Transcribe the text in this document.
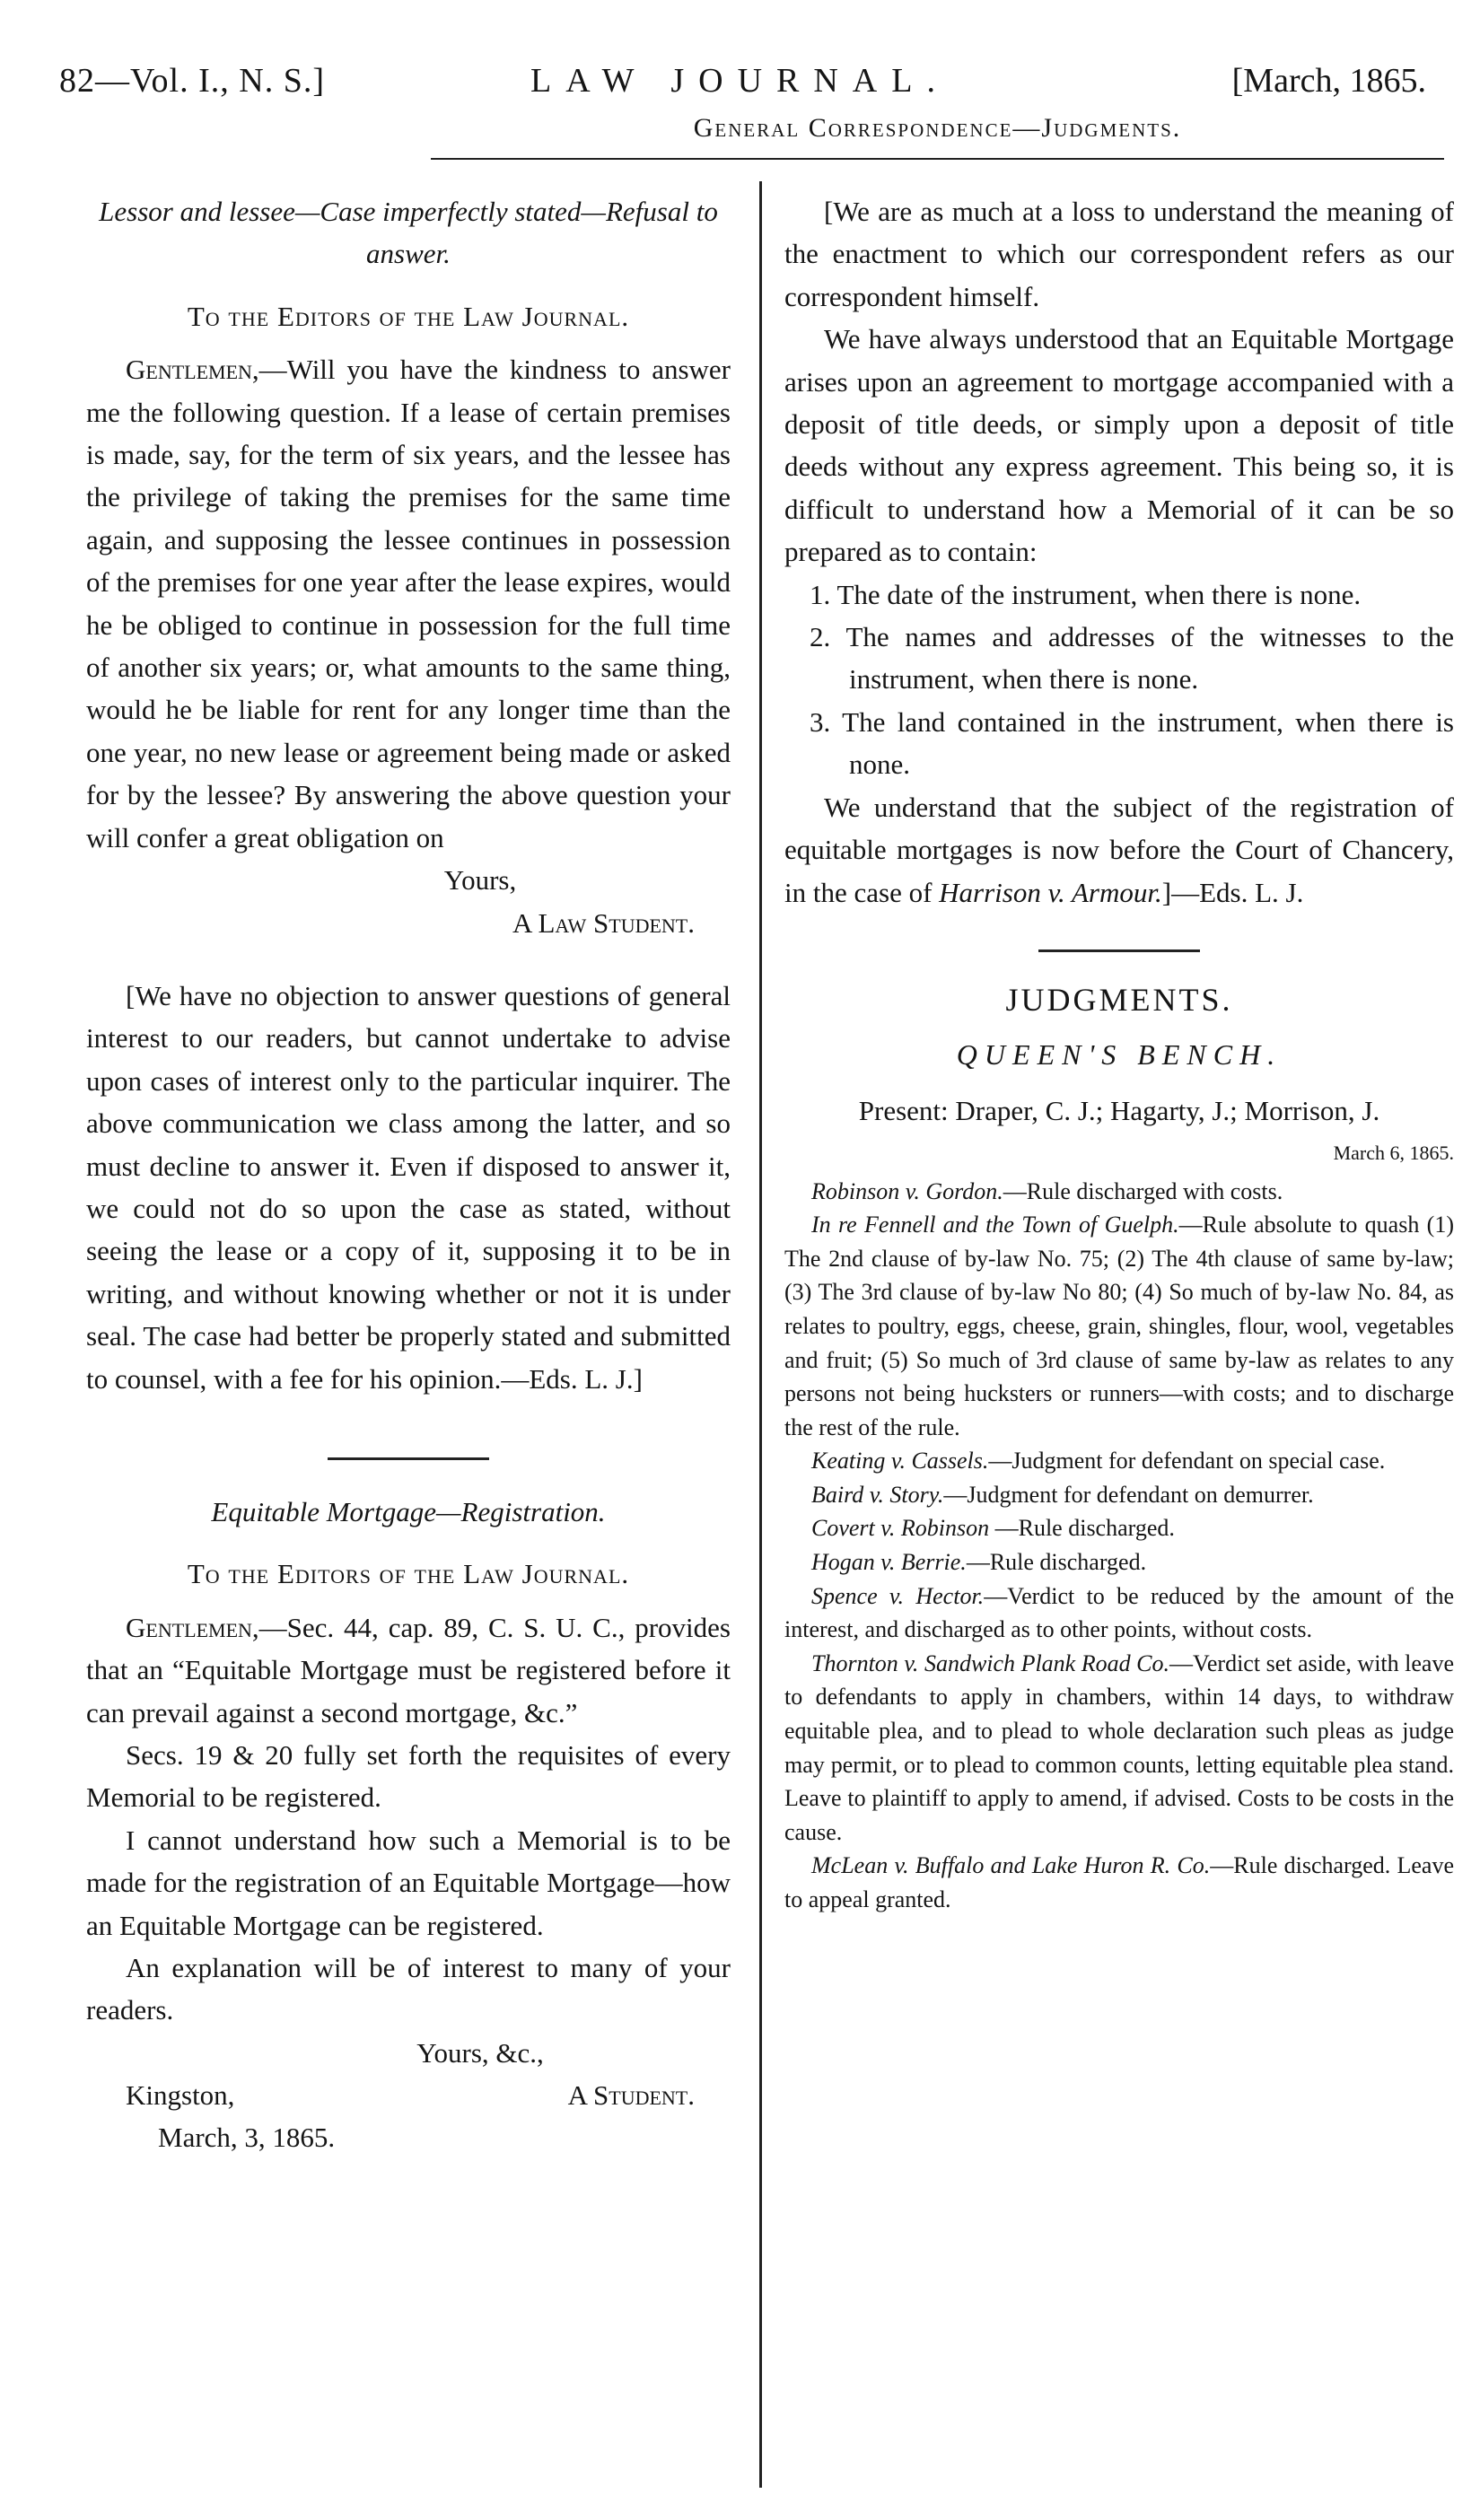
82—Vol. I., N. S.]	LAW JOURNAL.	[March, 1865.
General Correspondence—Judgments.

Lessor and lessee—Case imperfectly stated—Refusal to answer.

To the Editors of the Law Journal.

Gentlemen,—Will you have the kindness to answer me the following question. If a lease of certain premises is made, say, for the term of six years, and the lessee has the privilege of taking the premises for the same time again, and supposing the lessee continues in possession of the premises for one year after the lease expires, would he be obliged to continue in possession for the full time of another six years; or, what amounts to the same thing, would he be liable for rent for any longer time than the one year, no new lease or agreement being made or asked for by the lessee? By answering the above question your will confer a great obligation on

Yours,

A Law Student.

[We have no objection to answer questions of general interest to our readers, but cannot undertake to advise upon cases of interest only to the particular inquirer. The above communication we class among the latter, and so must decline to answer it. Even if disposed to answer it, we could not do so upon the case as stated, without seeing the lease or a copy of it, supposing it to be in writing, and without knowing whether or not it is under seal. The case had better be properly stated and submitted to counsel, with a fee for his opinion.—Eds. L. J.]

Equitable Mortgage—Registration.

To the Editors of the Law Journal.

Gentlemen,—Sec. 44, cap. 89, C. S. U. C., provides that an “Equitable Mortgage must be registered before it can prevail against a second mortgage, &c.”

Secs. 19 & 20 fully set forth the requisites of every Memorial to be registered.

I cannot understand how such a Memorial is to be made for the registration of an Equitable Mortgage—how an Equitable Mortgage can be registered.

An explanation will be of interest to many of your readers.

Yours, &c.,

Kingston,	A Student.

March, 3, 1865.

[We are as much at a loss to understand the meaning of the enactment to which our correspondent refers as our correspondent himself.

We have always understood that an Equitable Mortgage arises upon an agreement to mortgage accompanied with a deposit of title deeds, or simply upon a deposit of title deeds without any express agreement. This being so, it is difficult to understand how a Memorial of it can be so prepared as to contain:

1. The date of the instrument, when there is none.

2. The names and addresses of the witnesses to the instrument, when there is none.

3. The land contained in the instrument, when there is none.

We understand that the subject of the registration of equitable mortgages is now before the Court of Chancery, in the case of Harrison v. Armour.]—Eds. L. J.

JUDGMENTS.

QUEEN'S BENCH.

Present: Draper, C. J.; Hagarty, J.; Morrison, J.

March 6, 1865.

Robinson v. Gordon.—Rule discharged with costs.

In re Fennell and the Town of Guelph.—Rule absolute to quash (1) The 2nd clause of by-law No. 75; (2) The 4th clause of same by-law; (3) The 3rd clause of by-law No 80; (4) So much of by-law No. 84, as relates to poultry, eggs, cheese, grain, shingles, flour, wool, vegetables and fruit; (5) So much of 3rd clause of same by-law as relates to any persons not being hucksters or runners—with costs; and to discharge the rest of the rule.

Keating v. Cassels.—Judgment for defendant on special case.

Baird v. Story.—Judgment for defendant on demurrer.

Covert v. Robinson —Rule discharged.

Hogan v. Berrie.—Rule discharged.

Spence v. Hector.—Verdict to be reduced by the amount of the interest, and discharged as to other points, without costs.

Thornton v. Sandwich Plank Road Co.—Verdict set aside, with leave to defendants to apply in chambers, within 14 days, to withdraw equitable plea, and to plead to whole declaration such pleas as judge may permit, or to plead to common counts, letting equitable plea stand. Leave to plaintiff to apply to amend, if advised. Costs to be costs in the cause.

McLean v. Buffalo and Lake Huron R. Co.—Rule discharged. Leave to appeal granted.
